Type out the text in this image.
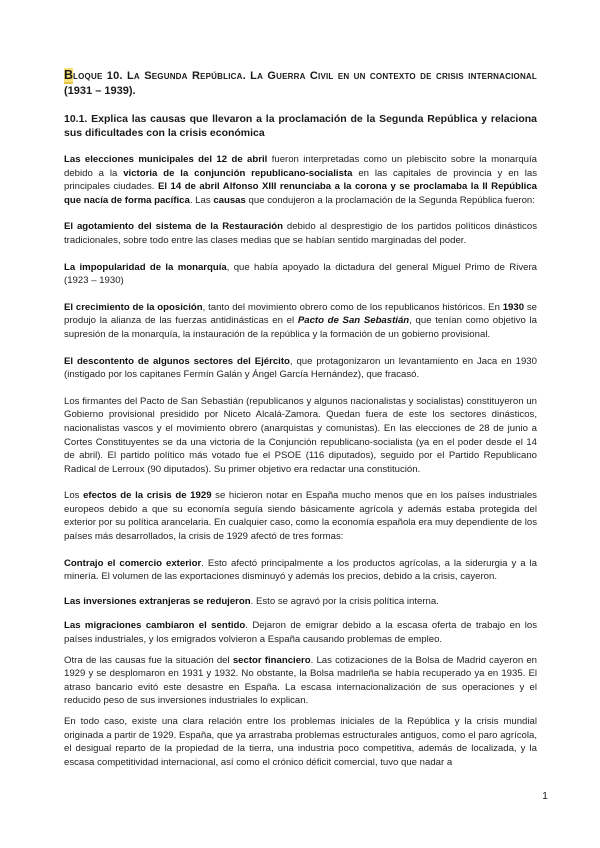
Bloque 10. La Segunda República. La Guerra Civil en un contexto de crisis internacional (1931 – 1939).
10.1. Explica las causas que llevaron a la proclamación de la Segunda República y relaciona sus dificultades con la crisis económica

Las elecciones municipales del 12 de abril fueron interpretadas como un plebiscito sobre la monarquía debido a la victoria de la conjunción republicano-socialista en las capitales de provincia y en las principales ciudades. El 14 de abril Alfonso XIII renunciaba a la corona y se proclamaba la II República que nacía de forma pacífica. Las causas que condujeron a la proclamación de la Segunda República fueron:

El agotamiento del sistema de la Restauración debido al desprestigio de los partidos políticos dinásticos tradicionales, sobre todo entre las clases medias que se habían sentido marginadas del poder.

La impopularidad de la monarquía, que había apoyado la dictadura del general Miguel Primo de Rivera (1923 – 1930)

El crecimiento de la oposición, tanto del movimiento obrero como de los republicanos históricos. En 1930 se produjo la alianza de las fuerzas antidinásticas en el Pacto de San Sebastián, que tenían como objetivo la supresión de la monarquía, la instauración de la república y la formación de un gobierno provisional.

El descontento de algunos sectores del Ejército, que protagonizaron un levantamiento en Jaca en 1930 (instigado por los capitanes Fermín Galán y Ángel García Hernández), que fracasó.

Los firmantes del Pacto de San Sebastián (republicanos y algunos nacionalistas y socialistas) constituyeron un Gobierno provisional presidido por Niceto Alcalá-Zamora. Quedan fuera de este los sectores dinásticos, nacionalistas vascos y el movimiento obrero (anarquistas y comunistas). En las elecciones de 28 de junio a Cortes Constituyentes se da una victoria de la Conjunción republicano-socialista (ya en el poder desde el 14 de abril). El partido político más votado fue el PSOE (116 diputados), seguido por el Partido Republicano Radical de Lerroux (90 diputados). Su primer objetivo era redactar una constitución.

Los efectos de la crisis de 1929 se hicieron notar en España mucho menos que en los países industriales europeos debido a que su economía seguía siendo básicamente agrícola y además estaba protegida del exterior por su política arancelaria. En cualquier caso, como la economía española era muy dependiente de los países más desarrollados, la crisis de 1929 afectó de tres formas:

Contrajo el comercio exterior. Esto afectó principalmente a los productos agrícolas, a la siderurgia y a la minería. El volumen de las exportaciones disminuyó y además los precios, debido a la crisis, cayeron.

Las inversiones extranjeras se redujeron. Esto se agravó por la crisis política interna.

Las migraciones cambiaron el sentido. Dejaron de emigrar debido a la escasa oferta de trabajo en los países industriales, y los emigrados volvieron a España causando problemas de empleo.

Otra de las causas fue la situación del sector financiero. Las cotizaciones de la Bolsa de Madrid cayeron en 1929 y se desplomaron en 1931 y 1932. No obstante, la Bolsa madrileña se había recuperado ya en 1935. El atraso bancario evitó este desastre en España. La escasa internacionalización de sus operaciones y el reducido peso de sus inversiones industriales lo explican.

En todo caso, existe una clara relación entre los problemas iniciales de la República y la crisis mundial originada a partir de 1929. España, que ya arrastraba problemas estructurales antiguos, como el paro agrícola, el desigual reparto de la propiedad de la tierra, una industria poco competitiva, además de localizada, y la escasa competitividad internacional, así como el crónico déficit comercial, tuvo que nadar a

1
